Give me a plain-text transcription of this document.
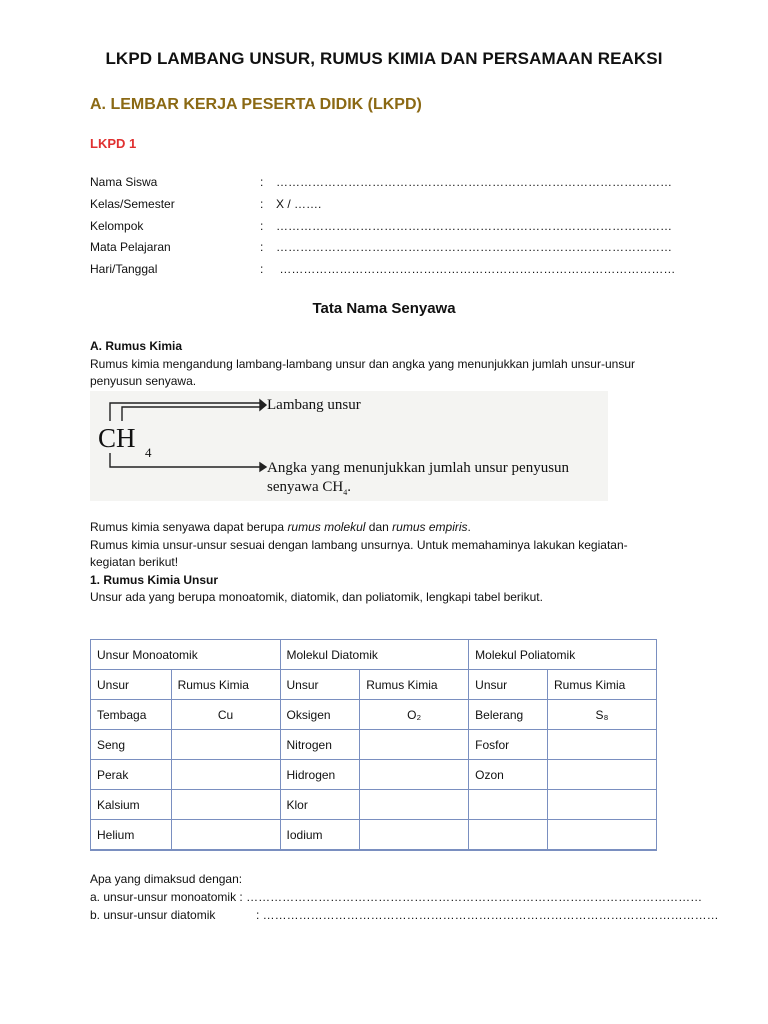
LKPD LAMBANG UNSUR, RUMUS KIMIA DAN PERSAMAAN REAKSI
A. LEMBAR KERJA PESERTA DIDIK (LKPD)
LKPD 1
Nama Siswa	: ………………………………………………………………………………………
Kelas/Semester	: X / …….
Kelompok	: ………………………………………………………………………………………
Mata Pelajaran	: ………………………………………………………………………………………
Hari/Tanggal	: ………………………………………………………………………………………
Tata Nama Senyawa
A. Rumus Kimia
Rumus kimia mengandung lambang-lambang unsur dan angka yang menunjukkan jumlah unsur-unsur penyusun senyawa.
CH 4
Lambang unsur
Angka yang menunjukkan jumlah unsur penyusun
senyawa $CH_4$.
Rumus kimia senyawa dapat berupa rumus molekul dan rumus empiris.
Rumus kimia unsur-unsur sesuai dengan lambang unsurnya. Untuk memahaminya lakukan kegiatan-kegiatan berikut!
1. Rumus Kimia Unsur
Unsur ada yang berupa monoatomik, diatomik, dan poliatomik, lengkapi tabel berikut.
Unsur Monoatomik		Molekul Diatomik		Molekul Poliatomik	
Unsur	Rumus Kimia	Unsur	Rumus Kimia	Unsur	Rumus Kimia
Tembaga	Cu	Oksigen	O₂	Belerang	S₈
Seng		Nitrogen		Fosfor	
Perak		Hidrogen		Ozon	
Kalsium		Klor			
Helium		Iodium			
Apa yang dimaksud dengan:
a. unsur-unsur monoatomik : ……………………………………………………………………………………………………
b. unsur-unsur diatomik	: ……………………………………………………………………………………………………
